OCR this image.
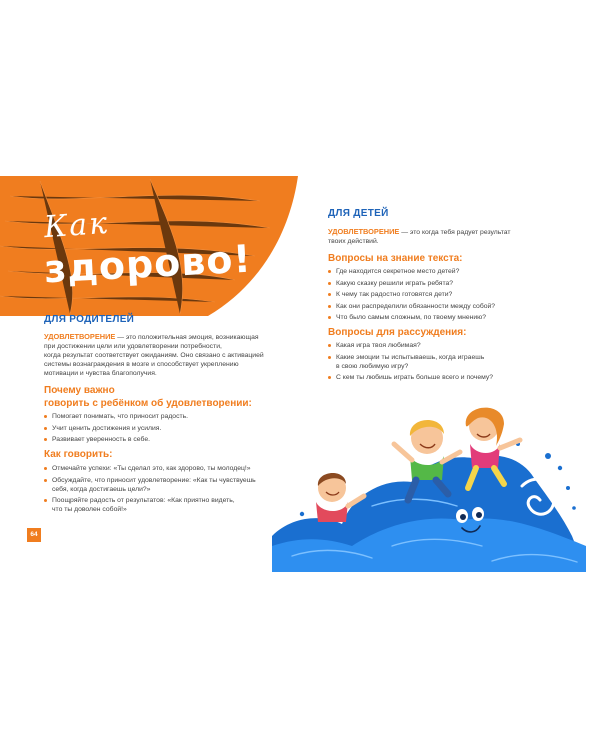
Как
здорово!
ДЛЯ РОДИТЕЛЕЙ
УДОВЛЕТВОРЕНИЕ — это положительная эмоция, возникающая
при достижении цели или удовлетворении потребности,
когда результат соответствует ожиданиям. Оно связано с активацией
системы вознаграждения в мозге и способствует укреплению
мотивации и чувства благополучия.
Почему важно
говорить с ребёнком об удовлетворении:
Помогает понимать, что приносит радость.
Учит ценить достижения и усилия.
Развивает уверенность в себе.
Как говорить:
Отмечайте успехи: «Ты сделал это, как здорово, ты молодец!»
Обсуждайте, что приносит удовлетворение: «Как ты чувствуешь
себя, когда достигаешь цели?»
Поощряйте радость от результатов: «Как приятно видеть,
что ты доволен собой!»
64
ДЛЯ ДЕТЕЙ
УДОВЛЕТВОРЕНИЕ — это когда тебя радует результат
твоих действий.
Вопросы на знание текста:
Где находится секретное место детей?
Какую сказку решили играть ребята?
К чему так радостно готовятся дети?
Как они распределили обязанности между собой?
Что было самым сложным, по твоему мнению?
Вопросы для рассуждения:
Какая игра твоя любимая?
Какие эмоции ты испытываешь, когда играешь
в свою любимую игру?
С кем ты любишь играть больше всего и почему?
